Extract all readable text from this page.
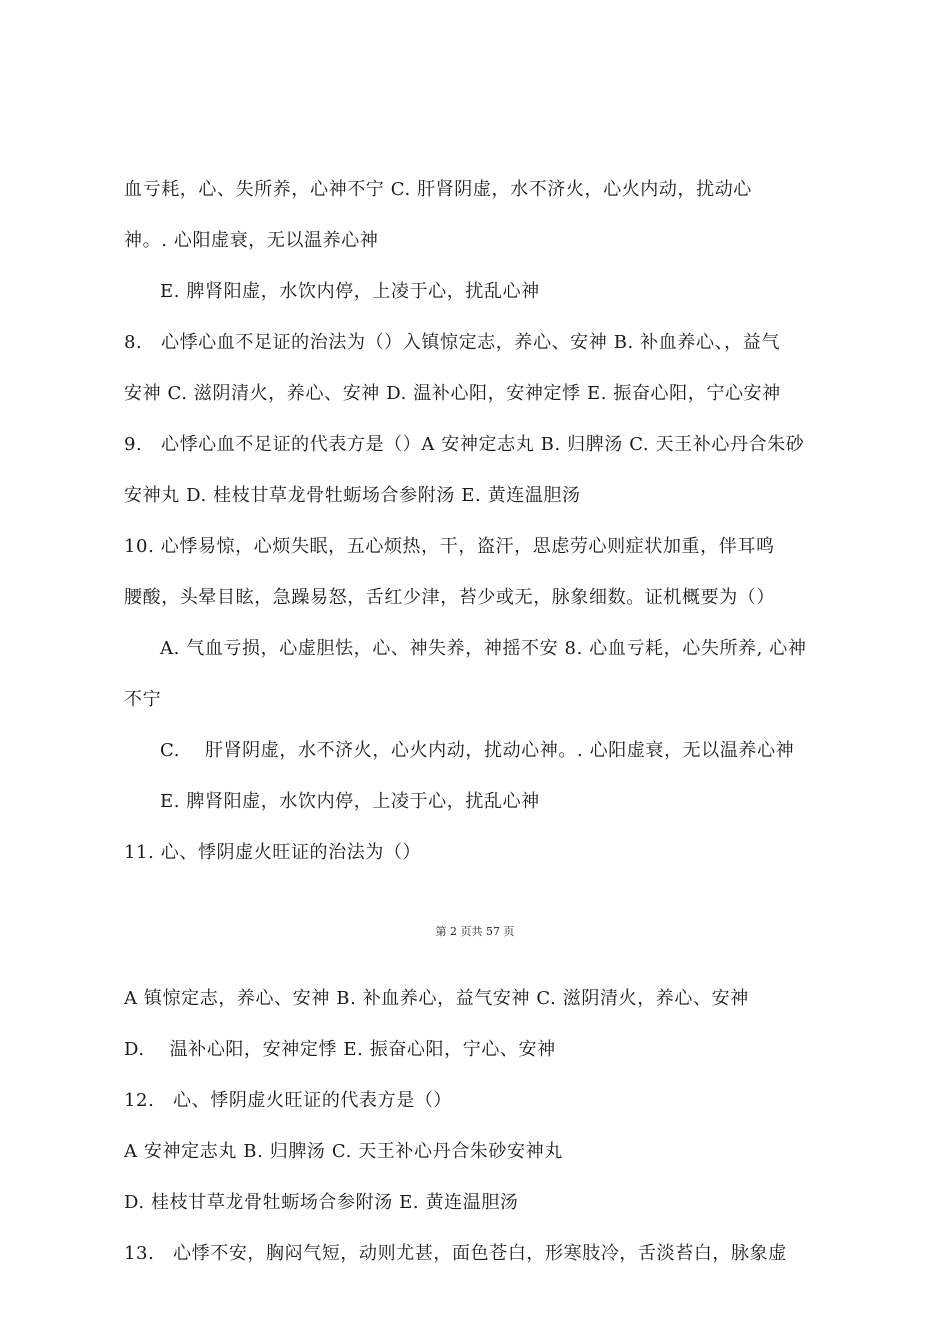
血亏耗，心、失所养，心神不宁 C. 肝肾阴虚，水不济火，心火内动，扰动心
神。. 心阳虚衰，无以温养心神
E. 脾肾阳虚，水饮内停，上凌于心，扰乱心神
8.　心悸心血不足证的治法为（）入镇惊定志，养心、安神 B. 补血养心、，益气
安神 C. 滋阴清火，养心、安神 D. 温补心阳，安神定悸 E. 振奋心阳，宁心安神
9.　心悸心血不足证的代表方是（）A 安神定志丸 B. 归脾汤 C. 天王补心丹合朱砂
安神丸 D. 桂枝甘草龙骨牡蛎场合参附汤 E. 黄连温胆汤
10. 心悸易惊，心烦失眠，五心烦热，干，盗汗，思虑劳心则症状加重，伴耳鸣
腰酸，头晕目眩，急躁易怒，舌红少津，苔少或无，脉象细数。证机概要为（）
A. 气血亏损，心虚胆怯，心、神失养，神摇不安 8. 心血亏耗，心失所养, 心神
不宁
C.　 肝肾阴虚，水不济火，心火内动，扰动心神。. 心阳虚衰，无以温养心神
E. 脾肾阳虚，水饮内停，上凌于心，扰乱心神
11. 心、悸阴虚火旺证的治法为（）
第 2 页共 57 页
A 镇惊定志，养心、安神 B. 补血养心，益气安神 C. 滋阴清火，养心、安神
D.　 温补心阳，安神定悸 E. 振奋心阳，宁心、安神
12.　心、悸阴虚火旺证的代表方是（）
A 安神定志丸 B. 归脾汤 C. 天王补心丹合朱砂安神丸
D. 桂枝甘草龙骨牡蛎场合参附汤 E. 黄连温胆汤
13.　心悸不安，胸闷气短，动则尤甚，面色苍白，形寒肢冷，舌淡苔白，脉象虚
